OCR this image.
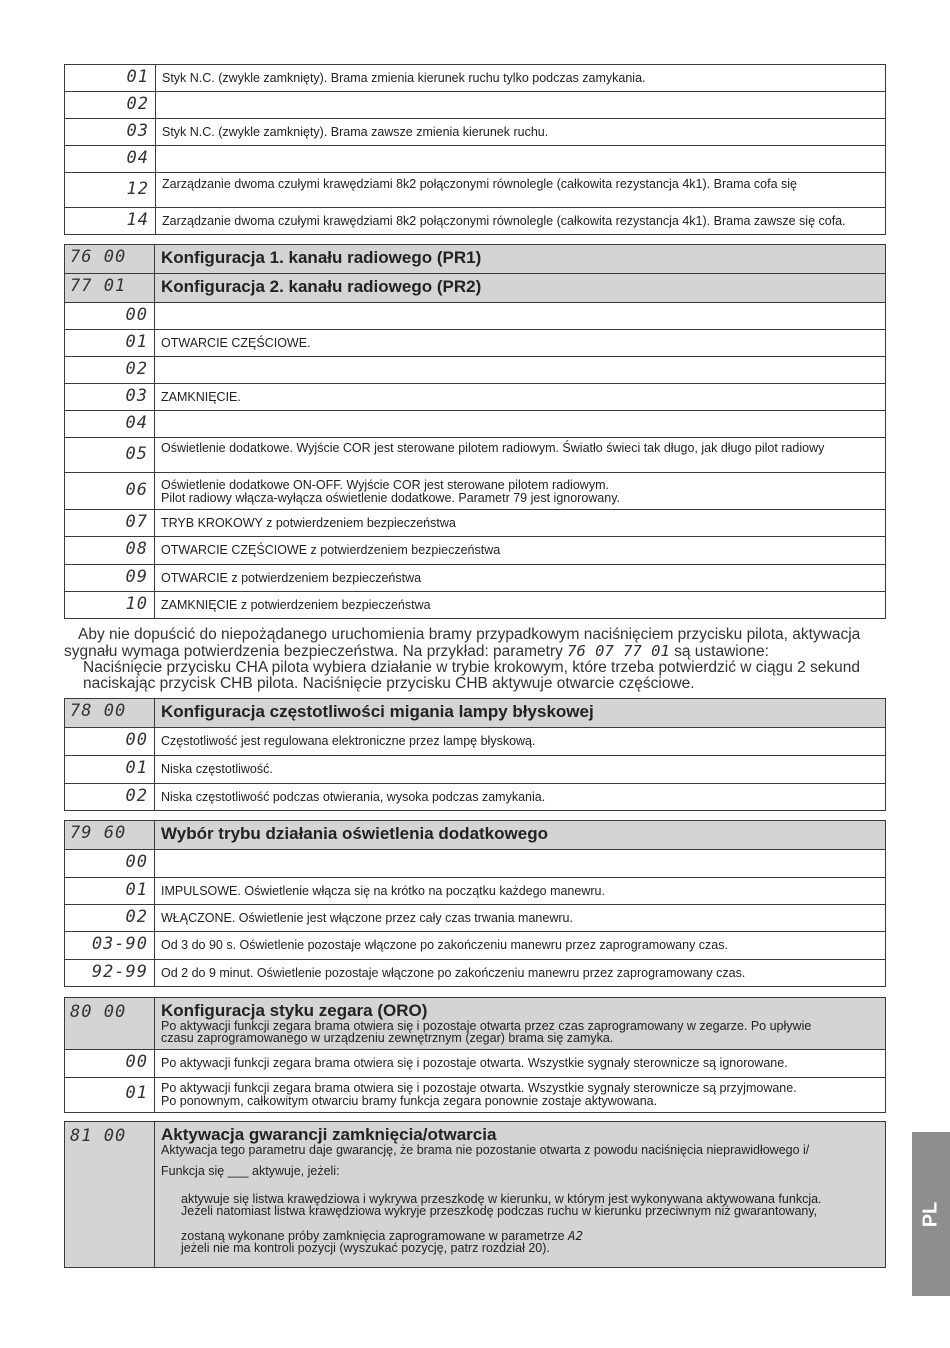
01	Styk N.C. (zwykle zamknięty). Brama zmienia kierunek ruchu tylko podczas zamykania.

02	

03	Styk N.C. (zwykle zamknięty). Brama zawsze zmienia kierunek ruchu.

04	

12	Zarządzanie dwoma czułymi krawędziami 8k2 połączonymi równolegle (całkowita rezystancja 4k1). Brama cofa się

14	Zarządzanie dwoma czułymi krawędziami 8k2 połączonymi równolegle (całkowita rezystancja 4k1). Brama zawsze się cofa.
76 00	Konfiguracja 1. kanału radiowego (PR1)
77 01	Konfiguracja 2. kanału radiowego (PR2)
00	

01	OTWARCIE CZĘŚCIOWE.

02	

03	ZAMKNIĘCIE.

04	

05	Oświetlenie dodatkowe. Wyjście COR jest sterowane pilotem radiowym. Światło świeci tak długo, jak długo pilot radiowy

06	Oświetlenie dodatkowe ON-OFF. Wyjście COR jest sterowane pilotem radiowym.
Pilot radiowy włącza-wyłącza oświetlenie dodatkowe. Parametr 79 jest ignorowany.

07	TRYB KROKOWY z potwierdzeniem bezpieczeństwa

08	OTWARCIE CZĘŚCIOWE z potwierdzeniem bezpieczeństwa

09	OTWARCIE z potwierdzeniem bezpieczeństwa

10	ZAMKNIĘCIE z potwierdzeniem bezpieczeństwa
Aby nie dopuścić do niepożądanego uruchomienia bramy przypadkowym naciśnięciem przycisku pilota, aktywacja
sygnału wymaga potwierdzenia bezpieczeństwa. Na przykład: parametry 76 07 77 01 są ustawione:
Naciśnięcie przycisku CHA pilota wybiera działanie w trybie krokowym, które trzeba potwierdzić w ciągu 2 sekund
naciskając przycisk CHB pilota. Naciśnięcie przycisku CHB aktywuje otwarcie częściowe.
78 00	Konfiguracja częstotliwości migania lampy błyskowej
00	Częstotliwość jest regulowana elektroniczne przez lampę błyskową.

01	Niska częstotliwość.

02	Niska częstotliwość podczas otwierania, wysoka podczas zamykania.
79 60	Wybór trybu działania oświetlenia dodatkowego
00	

01	IMPULSOWE. Oświetlenie włącza się na krótko na początku każdego manewru.

02	WŁĄCZONE. Oświetlenie jest włączone przez cały czas trwania manewru.

03-90	Od 3 do 90 s. Oświetlenie pozostaje włączone po zakończeniu manewru przez zaprogramowany czas.

92-99	Od 2 do 9 minut. Oświetlenie pozostaje włączone po zakończeniu manewru przez zaprogramowany czas.
80 00	Konfiguracja styku zegara (ORO)
Po aktywacji funkcji zegara brama otwiera się i pozostaje otwarta przez czas zaprogramowany w zegarze. Po upływie
czasu zaprogramowanego w urządzeniu zewnętrznym (zegar) brama się zamyka.

00	Po aktywacji funkcji zegara brama otwiera się i pozostaje otwarta. Wszystkie sygnały sterownicze są ignorowane.

01	Po aktywacji funkcji zegara brama otwiera się i pozostaje otwarta. Wszystkie sygnały sterownicze są przyjmowane.
Po ponownym, całkowitym otwarciu bramy funkcja zegara ponownie zostaje aktywowana.
81 00	Aktywacja gwarancji zamknięcia/otwarcia
Aktywacja tego parametru daje gwarancję, że brama nie pozostanie otwarta z powodu naciśnięcia nieprawidłowego i/
Funkcja się ___ aktywuje, jeżeli:
aktywuje się listwa krawędziowa i wykrywa przeszkodę w kierunku, w którym jest wykonywana aktywowana funkcja.
Jeżeli natomiast listwa krawędziowa wykryje przeszkodę podczas ruchu w kierunku przeciwnym niż gwarantowany,
zostaną wykonane próby zamknięcia zaprogramowane w parametrze A2
jeżeli nie ma kontroli pozycji (wyszukać pozycję, patrz rozdział 20).
PL
